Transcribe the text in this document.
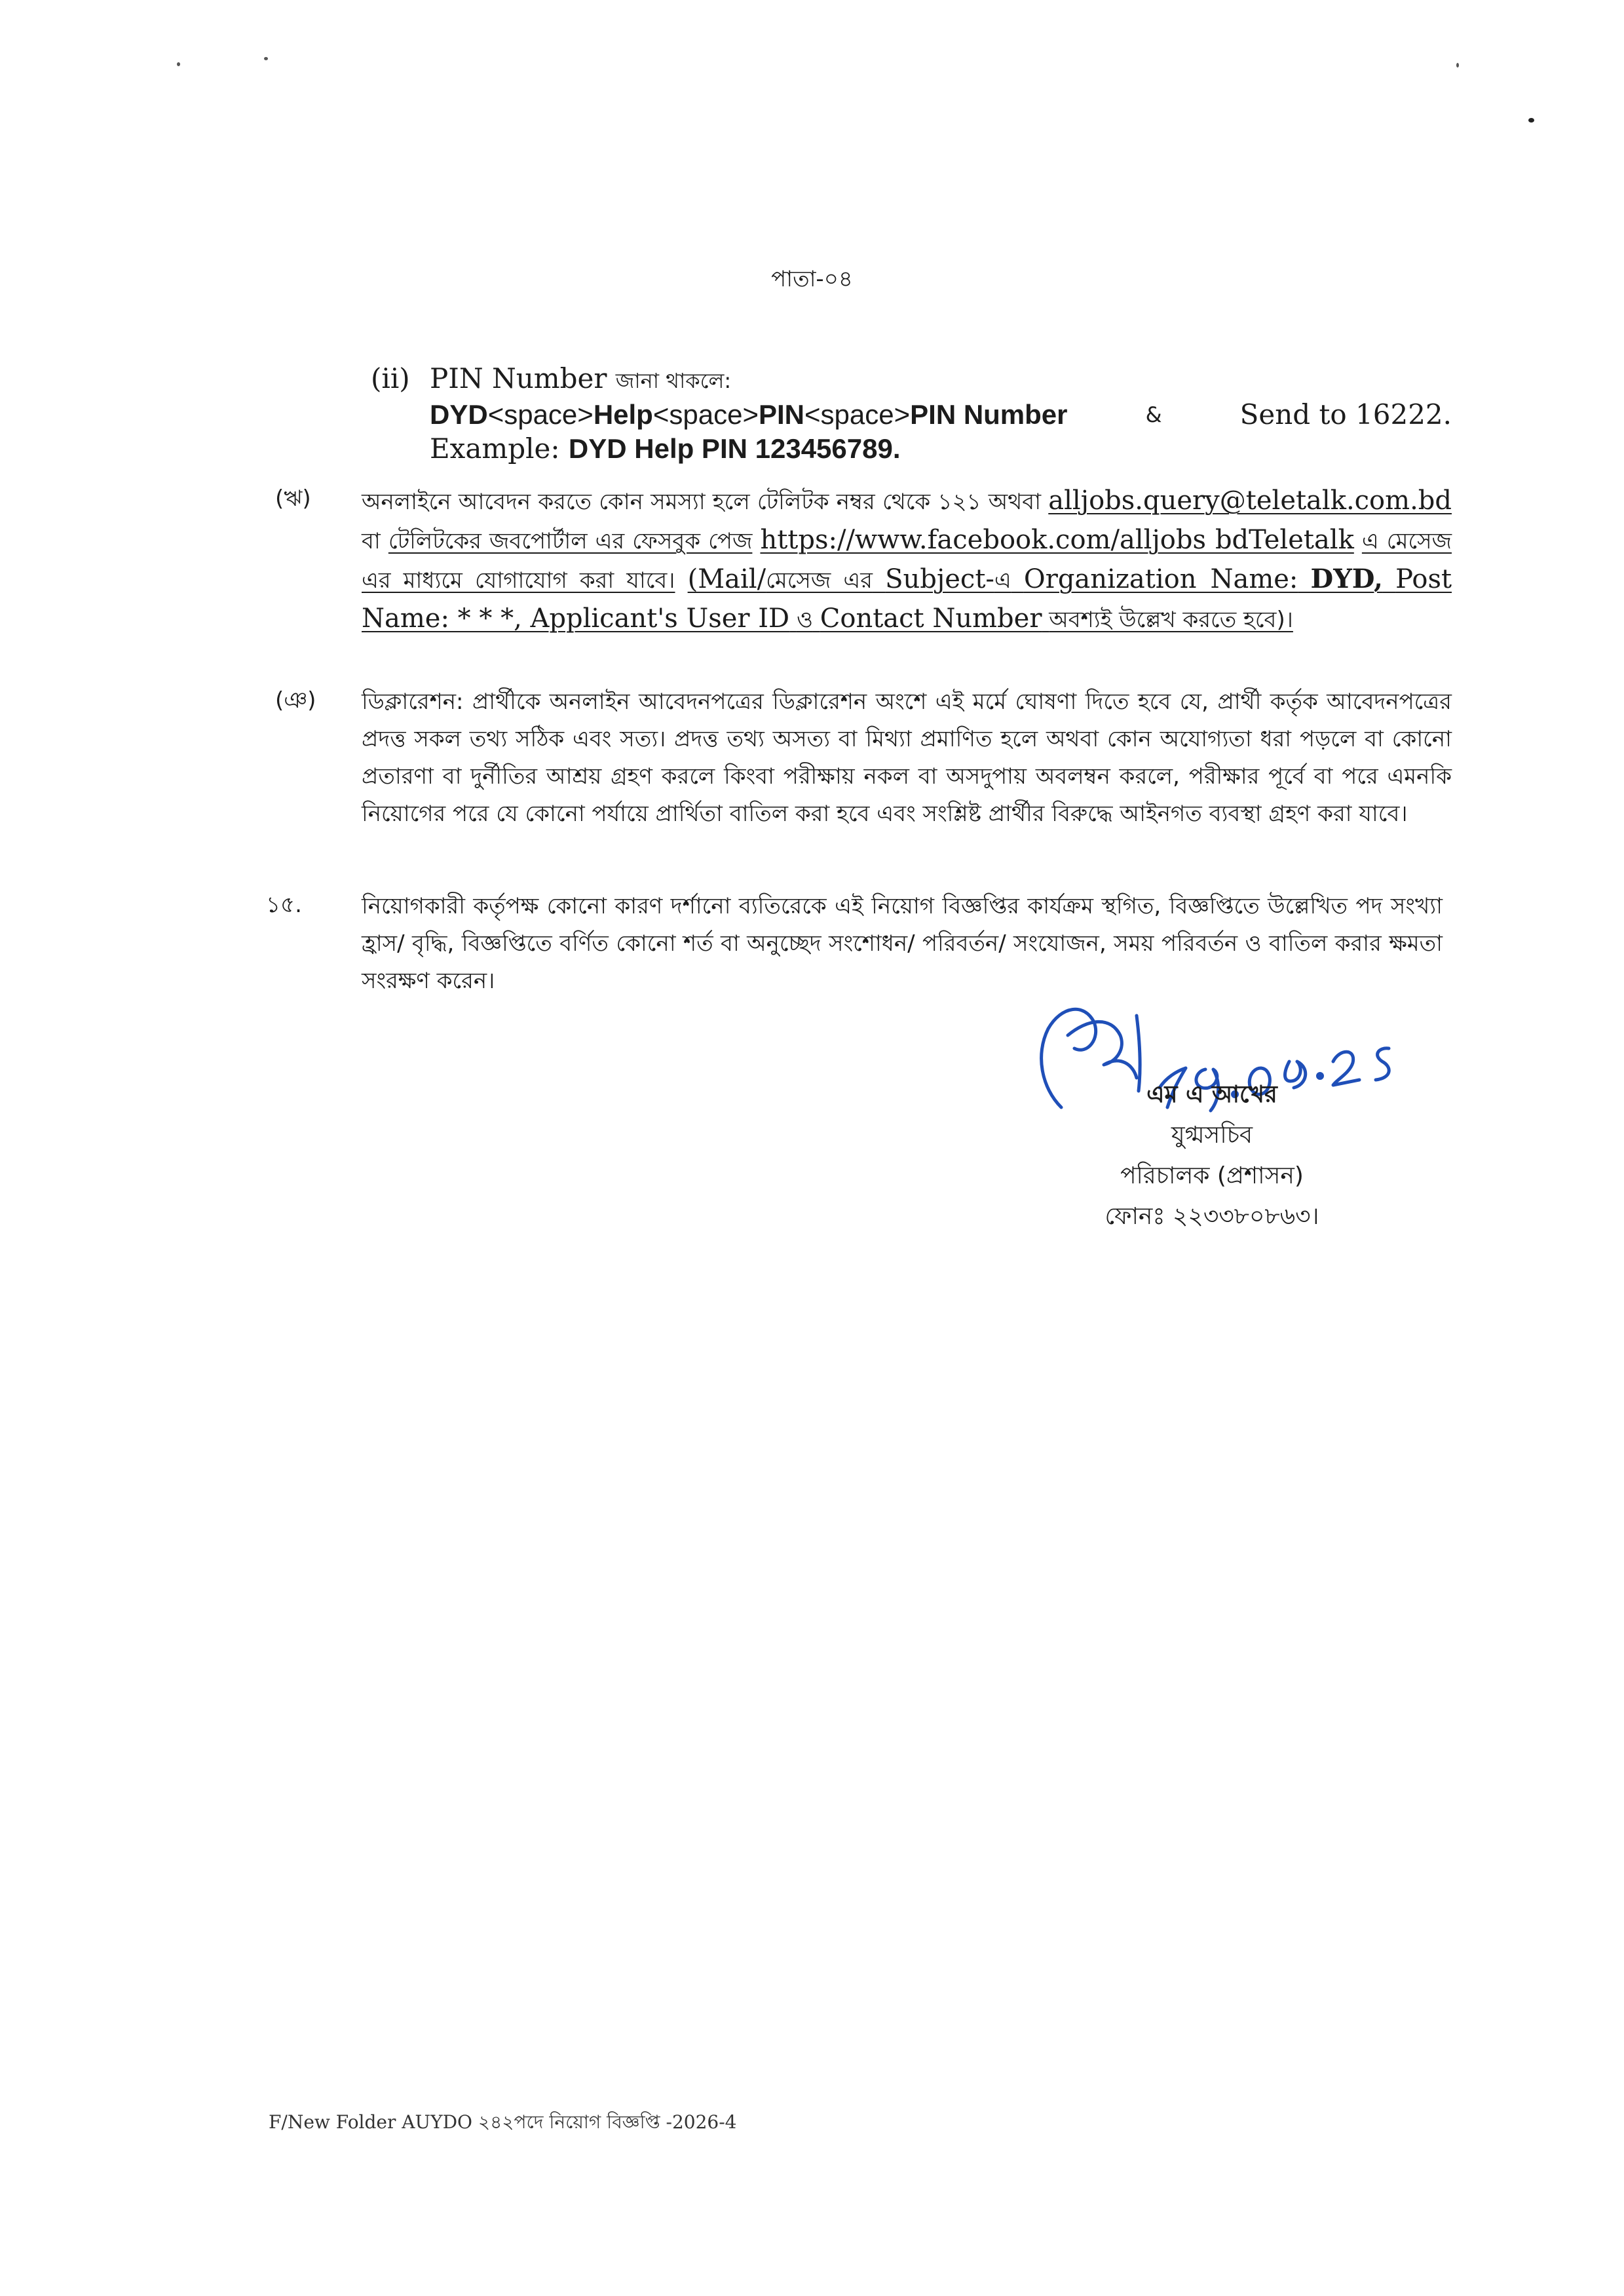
পাতা-০৪
(ii) PIN Number জানা থাকলে:
DYD<space>Help<space>PIN<space>PIN Number	&	Send to 16222.
Example: DYD Help PIN 123456789.
(ঋ) অনলাইনে আবেদন করতে কোন সমস্যা হলে টেলিটক নম্বর থেকে ১২১ অথবা alljobs.query@teletalk.com.bd বা টেলিটকের জবপোর্টাল এর ফেসবুক পেজ https://www.facebook.com/alljobs bdTeletalk এ মেসেজ এর মাধ্যমে যোগাযোগ করা যাবে। (Mail/মেসেজ এর Subject-এ Organization Name: DYD, Post Name: * * *, Applicant's User ID ও Contact Number অবশ্যই উল্লেখ করতে হবে)।
(ঞ) ডিক্লারেশন: প্রার্থীকে অনলাইন আবেদনপত্রের ডিক্লারেশন অংশে এই মর্মে ঘোষণা দিতে হবে যে, প্রার্থী কর্তৃক আবেদনপত্রের প্রদত্ত সকল তথ্য সঠিক এবং সত্য। প্রদত্ত তথ্য অসত্য বা মিথ্যা প্রমাণিত হলে অথবা কোন অযোগ্যতা ধরা পড়লে বা কোনো প্রতারণা বা দুর্নীতির আশ্রয় গ্রহণ করলে কিংবা পরীক্ষায় নকল বা অসদুপায় অবলম্বন করলে, পরীক্ষার পূর্বে বা পরে এমনকি নিয়োগের পরে যে কোনো পর্যায়ে প্রার্থিতা বাতিল করা হবে এবং সংশ্লিষ্ট প্রার্থীর বিরুদ্ধে আইনগত ব্যবস্থা গ্রহণ করা যাবে।
১৫.	নিয়োগকারী কর্তৃপক্ষ কোনো কারণ দর্শানো ব্যতিরেকে এই নিয়োগ বিজ্ঞপ্তির কার্যক্রম স্থগিত, বিজ্ঞপ্তিতে উল্লেখিত পদ সংখ্যা হ্রাস/ বৃদ্ধি, বিজ্ঞপ্তিতে বর্ণিত কোনো শর্ত বা অনুচ্ছেদ সংশোধন/ পরিবর্তন/ সংযোজন, সময় পরিবর্তন ও বাতিল করার ক্ষমতা সংরক্ষণ করেন।
এম এ আখের
যুগ্মসচিব
পরিচালক (প্রশাসন)
ফোনঃ ২২৩৩৮০৮৬৩।
F/New Folder AUYDO ২৪২পদে নিয়োগ বিজ্ঞপ্তি -2026-4
